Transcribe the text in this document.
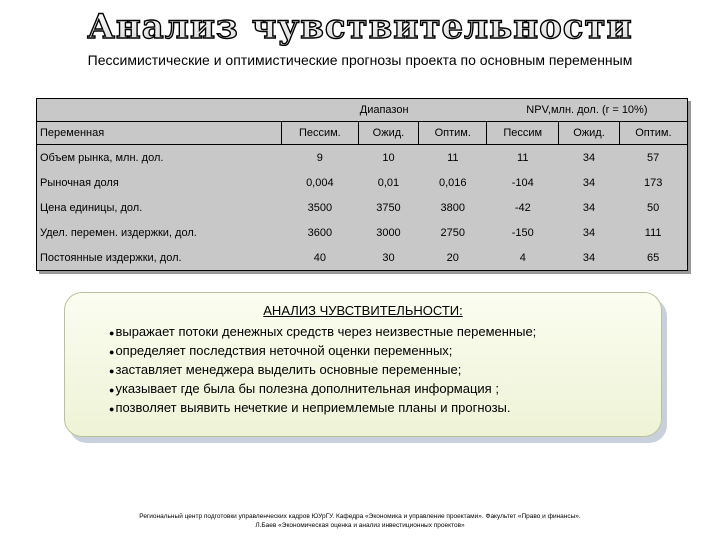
Анализ чувствительности
Пессимистические и оптимистические прогнозы проекта по основным переменным
	Диапазон			NPV,млн. дол. (r = 10%)		
Переменная	Пессим.	Ожид.	Оптим.	Пессим	Ожид.	Оптим.
Объем рынка, млн. дол.	9	10	11	11	34	57
Рыночная доля	0,004	0,01	0,016	-104	34	173
Цена единицы, дол.	3500	3750	3800	-42	34	50
Удел. перемен. издержки, дол.	3600	3000	2750	-150	34	111
Постоянные издержки, дол.	40	30	20	4	34	65
АНАЛИЗ ЧУВСТВИТЕЛЬНОСТИ:
●выражает потоки денежных средств через неизвестные переменные;
●определяет последствия неточной оценки переменных;
●заставляет менеджера выделить основные переменные;
●указывает где была бы полезна дополнительная информация ;
●позволяет выявить нечеткие и неприемлемые планы и прогнозы.
Региональный центр подготовки управленческих кадров ЮУрГУ. Кафедра «Экономика и управление проектами». Факультет «Право и финансы».
Л.Баев «Экономическая оценка и анализ инвестиционных проектов»
